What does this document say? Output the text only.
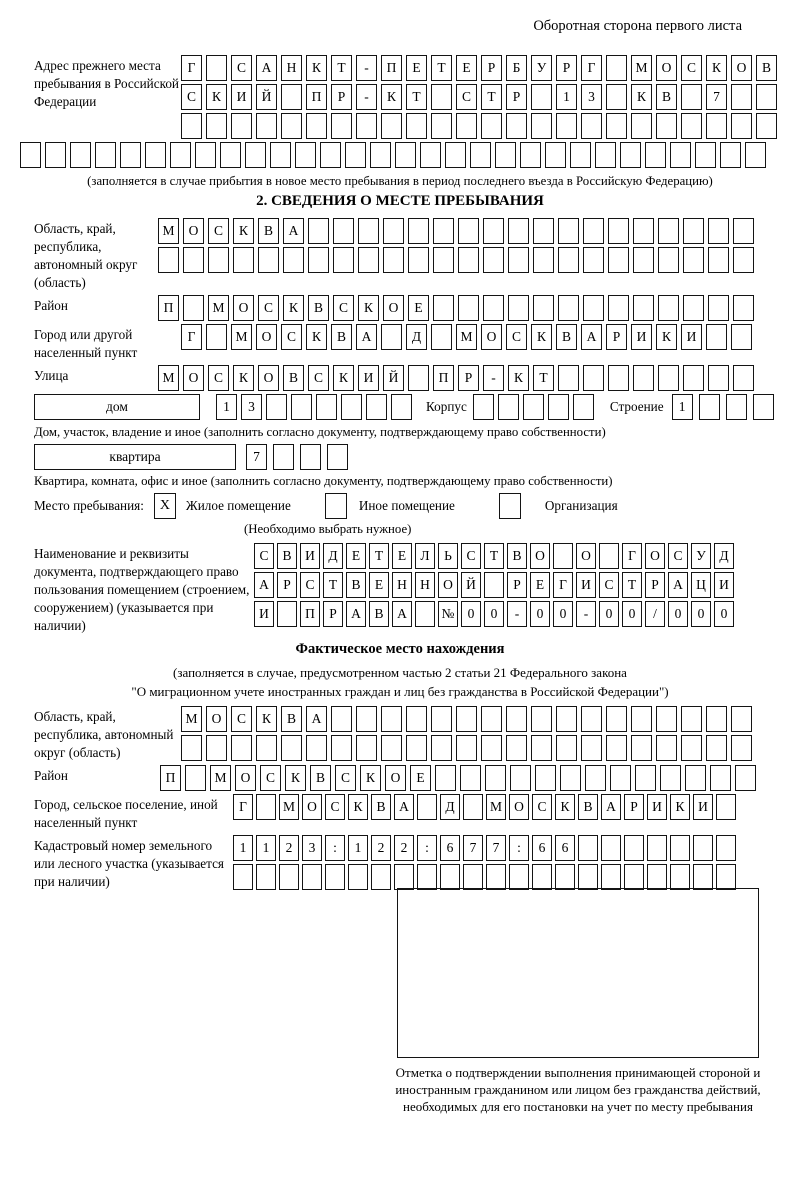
Оборотная сторона первого листа
Адрес прежнего места пребывания в Российской Федерации
Г	С	А	Н	К	Т	-	П	Е	Т	Е	Р	Б	У	Р	Г	М	О	С	К	О	В
С	К	И	Й	П	Р	-	К	Т	С	Т	Р	1	3	К	В	7
(заполняется в случае прибытия в новое место пребывания в период последнего въезда в Российскую Федерацию)
2. СВЕДЕНИЯ О МЕСТЕ ПРЕБЫВАНИЯ
Область, край, республика, автономный округ (область)
М	О	С	К	В	А
Район	П	М	О	С	К	В	С	К	О	Е
Город или другой населенный пункт
Г	М	О	С	К	В	А	Д	М	О	С	К	В	А	Р	И	К	И
Улица	М	О	С	К	О	В	С	К	И	Й	П	Р	-	К	Т
дом	1	3	Корпус	Строение	1
Дом, участок, владение и иное (заполнить согласно документу, подтверждающему право собственности)
квартира	7
Квартира, комната, офис и иное (заполнить согласно документу, подтверждающему право собственности)
Место пребывания:	X	Жилое помещение	Иное помещение	Организация
(Необходимо выбрать нужное)
Наименование и реквизиты документа, подтверждающего право пользования помещением (строением, сооружением) (указывается при наличии)
С	В	И	Д	Е	Т	Е	Л	Ь	С	Т	В	О	О	Г	О	С	У	Д
А	Р	С	Т	В	Е	Н Н О Й	Р	Е	Г	И	С	Т	Р	А Ц И
И	П	Р	А	В	А	№ 0	0	-	0	0	-	0	0	/	0	0	0
Фактическое место нахождения
(заполняется в случае, предусмотренном частью 2 статьи 21 Федерального закона
"О миграционном учете иностранных граждан и лиц без гражданства в Российской Федерации")
Область, край, республика, автономный округ (область)
М	О	С	К	В	А
Район	П	М	О	С	К	В	С	К	О	Е
Город, сельское поселение, иной населенный пункт
Г	М О	С	К	В	А	Д	М О	С	К	В	А	Р	И	К	И
Кадастровый номер земельного или лесного участка (указывается при наличии)
1	1	2	3	:	1	2	2	:	6	7	7	:	6	6
Отметка о подтверждении выполнения принимающей стороной и иностранным гражданином или лицом без гражданства действий, необходимых для его постановки на учет по месту пребывания
